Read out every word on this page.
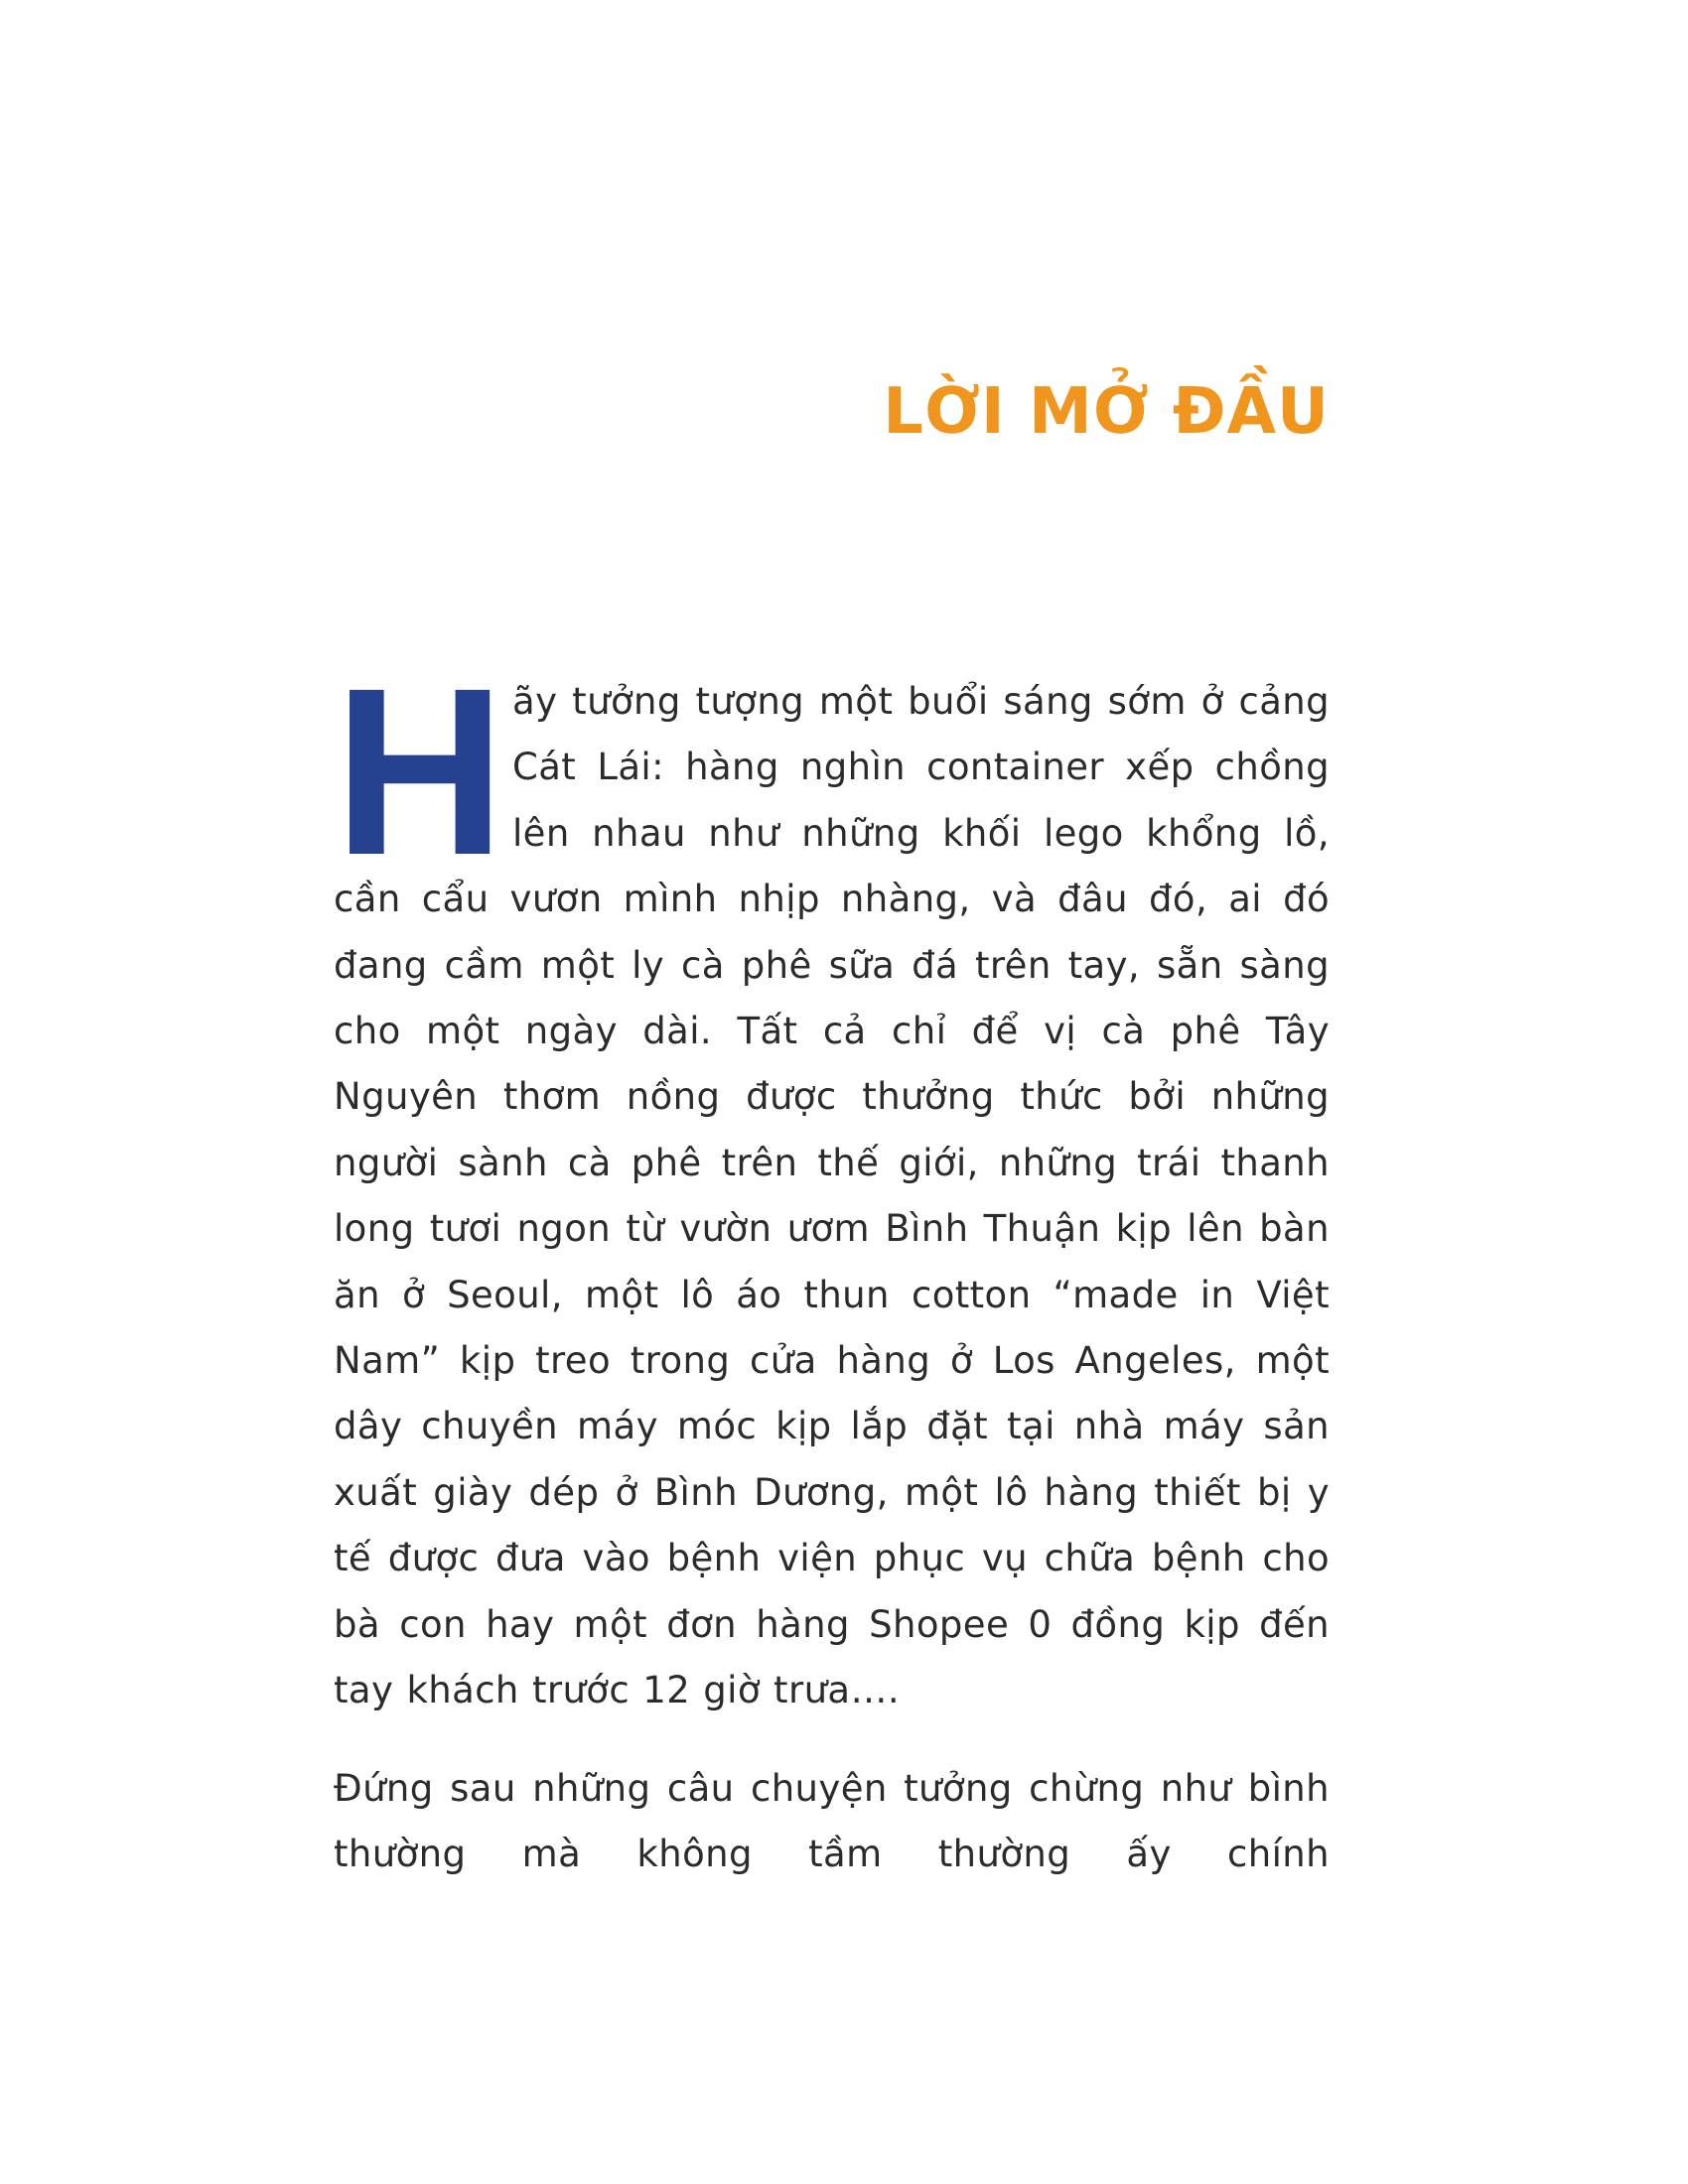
LỜI MỞ ĐẦU

Hãy tưởng tượng một buổi sáng sớm ở cảng Cát Lái: hàng nghìn container xếp chồng lên nhau như những khối lego khổng lồ, cần cẩu vươn mình nhịp nhàng, và đâu đó, ai đó đang cầm một ly cà phê sữa đá trên tay, sẵn sàng cho một ngày dài. Tất cả chỉ để vị cà phê Tây Nguyên thơm nồng được thưởng thức bởi những người sành cà phê trên thế giới, những trái thanh long tươi ngon từ vườn ươm Bình Thuận kịp lên bàn ăn ở Seoul, một lô áo thun cotton “made in Việt Nam” kịp treo trong cửa hàng ở Los Angeles, một dây chuyền máy móc kịp lắp đặt tại nhà máy sản xuất giày dép ở Bình Dương, một lô hàng thiết bị y tế được đưa vào bệnh viện phục vụ chữa bệnh cho bà con hay một đơn hàng Shopee 0 đồng kịp đến tay khách trước 12 giờ trưa….

Đứng sau những câu chuyện tưởng chừng như bình thường mà không tầm thường ấy chính
